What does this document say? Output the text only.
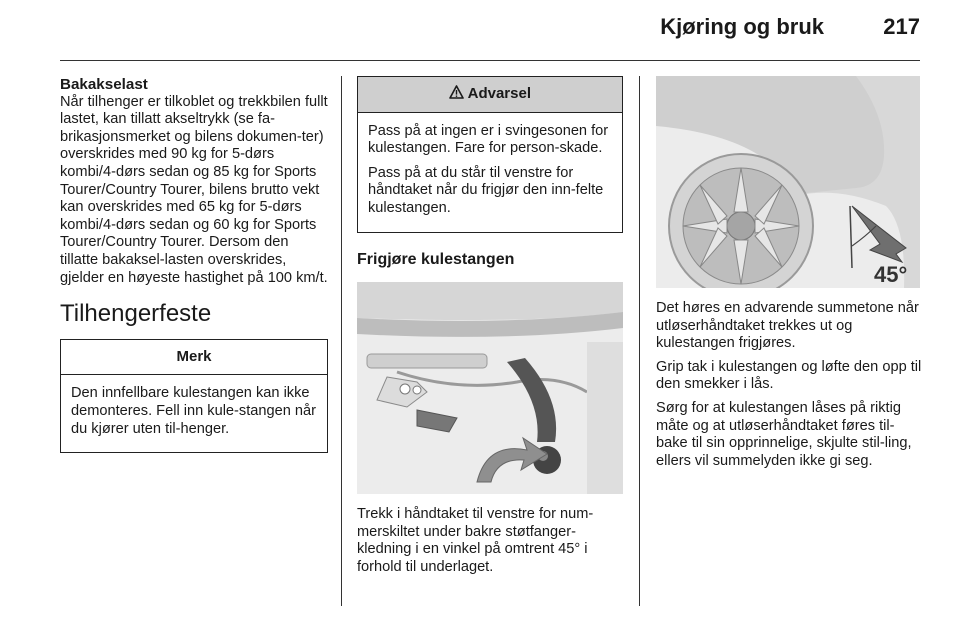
Kjøring og bruk	217
Bakakselast

Når tilhenger er tilkoblet og trekkbilen fullt lastet, kan tillatt akseltrykk (se fa-brikasjonsmerket og bilens dokumen-ter) overskrides med 90 kg for 5-dørs kombi/4-dørs sedan og 85 kg for Sports Tourer/Country Tourer, bilens brutto vekt kan overskrides med 65 kg for 5-dørs kombi/4-dørs sedan og 60 kg for Sports Tourer/Country Tourer. Dersom den tillatte bakaksel-lasten overskrides, gjelder en høyeste hastighet på 100 km/t.

Tilhengerfeste
Merk

Den innfellbare kulestangen kan ikke demonteres. Fell inn kule-stangen når du kjører uten til-henger.

Advarsel

Pass på at ingen er i svingesonen for kulestangen. Fare for person-skade.

Pass på at du står til venstre for håndtaket når du frigjør den inn-felte kulestangen.

Frigjøre kulestangen

Trekk i håndtaket til venstre for num-merskiltet under bakre støtfanger-kledning i en vinkel på omtrent 45° i forhold til underlaget.

45°

Det høres en advarende summetone når utløserhåndtaket trekkes ut og kulestangen frigjøres.

Grip tak i kulestangen og løfte den opp til den smekker i lås.

Sørg for at kulestangen låses på riktig måte og at utløserhåndtaket føres til-bake til sin opprinnelige, skjulte stil-ling, ellers vil summelyden ikke gi seg.
